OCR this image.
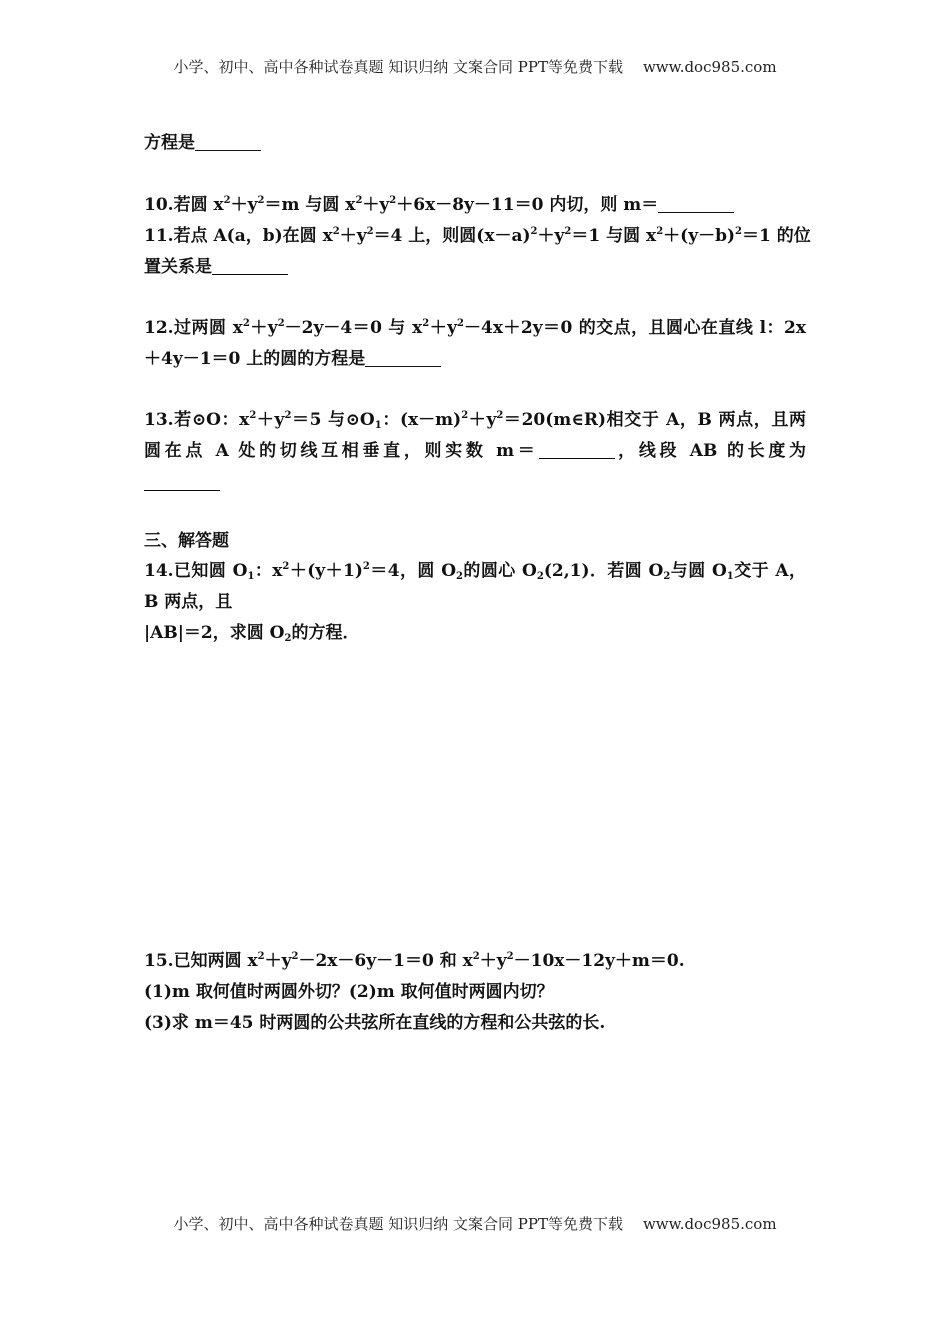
小学、初中、高中各种试卷真题 知识归纳 文案合同 PPT等免费下载 www.doc985.com
方程是
10.若圆 $x^2+y^2=m$ 与圆 $x^2+y^2+6x-8y-11=0$ 内切，则 m＝
11.若点 A(a，b)在圆 $x^2+y^2=4$ 上，则圆$(x-a)^2+y^2=1$ 与圆 $x^2+(y-b)^2=1$ 的位
置关系是
12.过两圆 $x^2+y^2-2y-4=0$ 与 $x^2+y^2-4x+2y=0$ 的交点，且圆心在直线 l：2x
＋4y－1＝0 上的圆的方程是
13.若⊙O：$x^2+y^2=5$ 与$⊙O_1$：$(x-m)^2+y^2=20(m\in R)$相交于 A，B 两点，且两
圆在点 A 处的切线互相垂直，则实数 m＝	，线段 AB 的长度为
三、解答题
14.已知圆 $O_1$：$x^2+(y+1)^2=4$，圆 $O_2$的圆心 $O_2(2,1)$．若圆 $O_2$与圆 $O_1$交于 A，
B 两点，且
|AB|＝2，求圆 $O_2$的方程．
15.已知两圆 $x^2+y^2-2x-6y-1=0$ 和 $x^2+y^2-10x-12y+m=0$.
(1)m 取何值时两圆外切？(2)m 取何值时两圆内切？
(3)求 m＝45 时两圆的公共弦所在直线的方程和公共弦的长.
小学、初中、高中各种试卷真题 知识归纳 文案合同 PPT等免费下载 www.doc985.com
